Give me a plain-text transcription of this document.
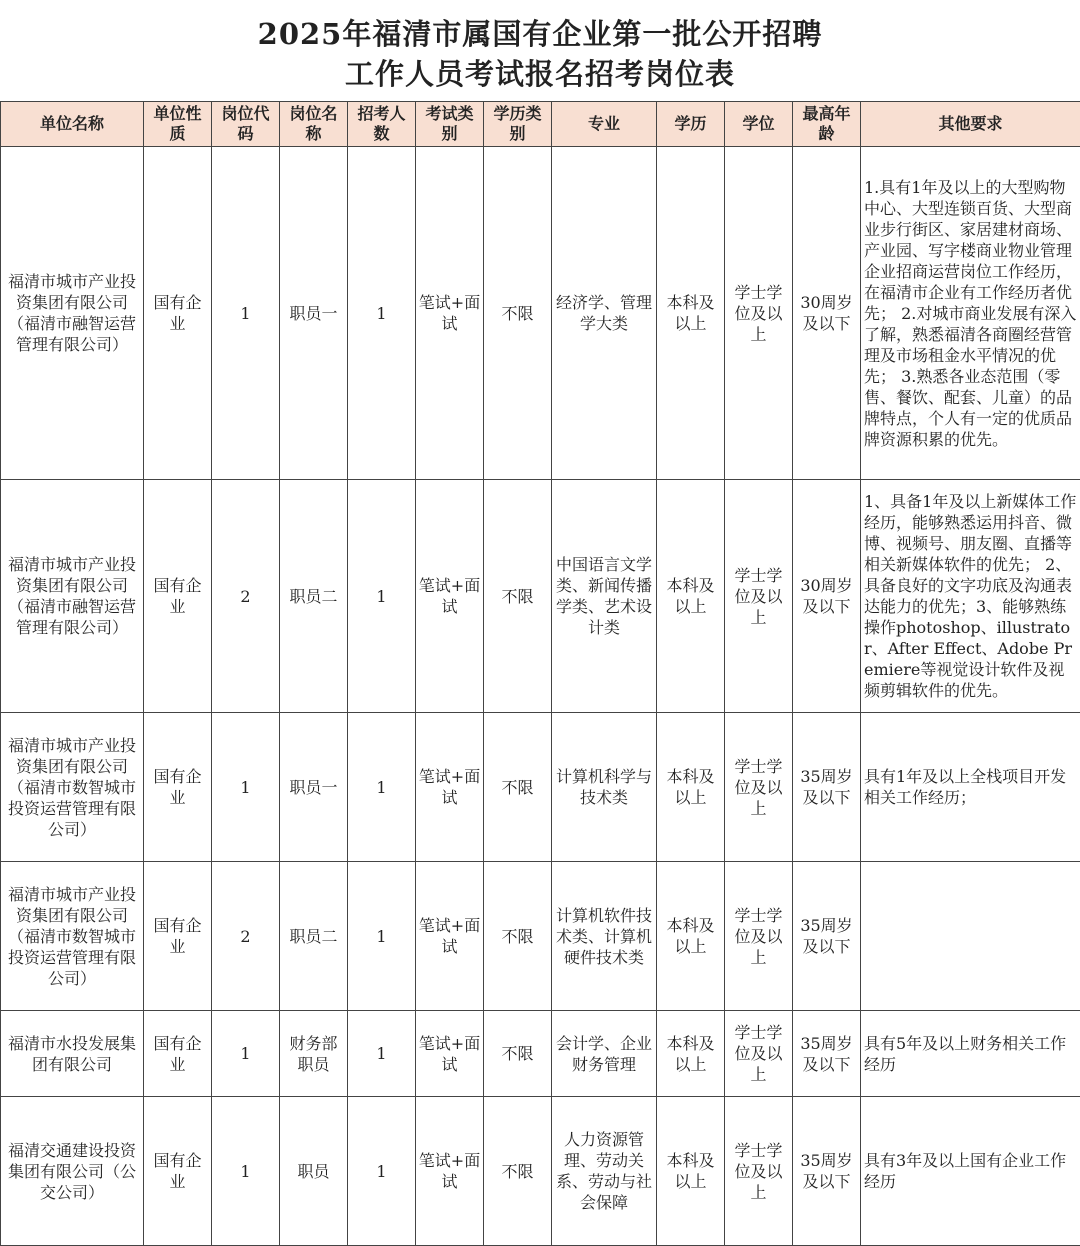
2025年福清市属国有企业第一批公开招聘
工作人员考试报名招考岗位表
单位名称	单位性质	岗位代码	岗位名称	招考人数	考试类别	学历类别	专业	学历	学位	最高年龄	其他要求
福清市城市产业投资集团有限公司（福清市融智运营管理有限公司）	国有企业	1	职员一	1	笔试+面试	不限	经济学、管理学大类	本科及以上	学士学位及以上	30周岁及以下	1.具有1年及以上的大型购物中心、大型连锁百货、大型商业步行街区、家居建材商场、产业园、写字楼商业物业管理企业招商运营岗位工作经历，在福清市企业有工作经历者优先； 2.对城市商业发展有深入了解，熟悉福清各商圈经营管理及市场租金水平情况的优先； 3.熟悉各业态范围（零售、餐饮、配套、儿童）的品牌特点，个人有一定的优质品牌资源积累的优先。
福清市城市产业投资集团有限公司（福清市融智运营管理有限公司）	国有企业	2	职员二	1	笔试+面试	不限	中国语言文学类、新闻传播学类、艺术设计类	本科及以上	学士学位及以上	30周岁及以下	1、具备1年及以上新媒体工作经历，能够熟悉运用抖音、微博、视频号、朋友圈、直播等相关新媒体软件的优先； 2、具备良好的文字功底及沟通表达能力的优先；3、能够熟练操作photoshop、illustrator、After Effect、Adobe Premiere等视觉设计软件及视频剪辑软件的优先。
福清市城市产业投资集团有限公司（福清市数智城市投资运营管理有限公司）	国有企业	1	职员一	1	笔试+面试	不限	计算机科学与技术类	本科及以上	学士学位及以上	35周岁及以下	具有1年及以上全栈项目开发相关工作经历；
福清市城市产业投资集团有限公司（福清市数智城市投资运营管理有限公司）	国有企业	2	职员二	1	笔试+面试	不限	计算机软件技术类、计算机硬件技术类	本科及以上	学士学位及以上	35周岁及以下	
福清市水投发展集团有限公司	国有企业	1	财务部职员	1	笔试+面试	不限	会计学、企业财务管理	本科及以上	学士学位及以上	35周岁及以下	具有5年及以上财务相关工作经历
福清交通建设投资集团有限公司（公交公司）	国有企业	1	职员	1	笔试+面试	不限	人力资源管理、劳动关系、劳动与社会保障	本科及以上	学士学位及以上	35周岁及以下	具有3年及以上国有企业工作经历
